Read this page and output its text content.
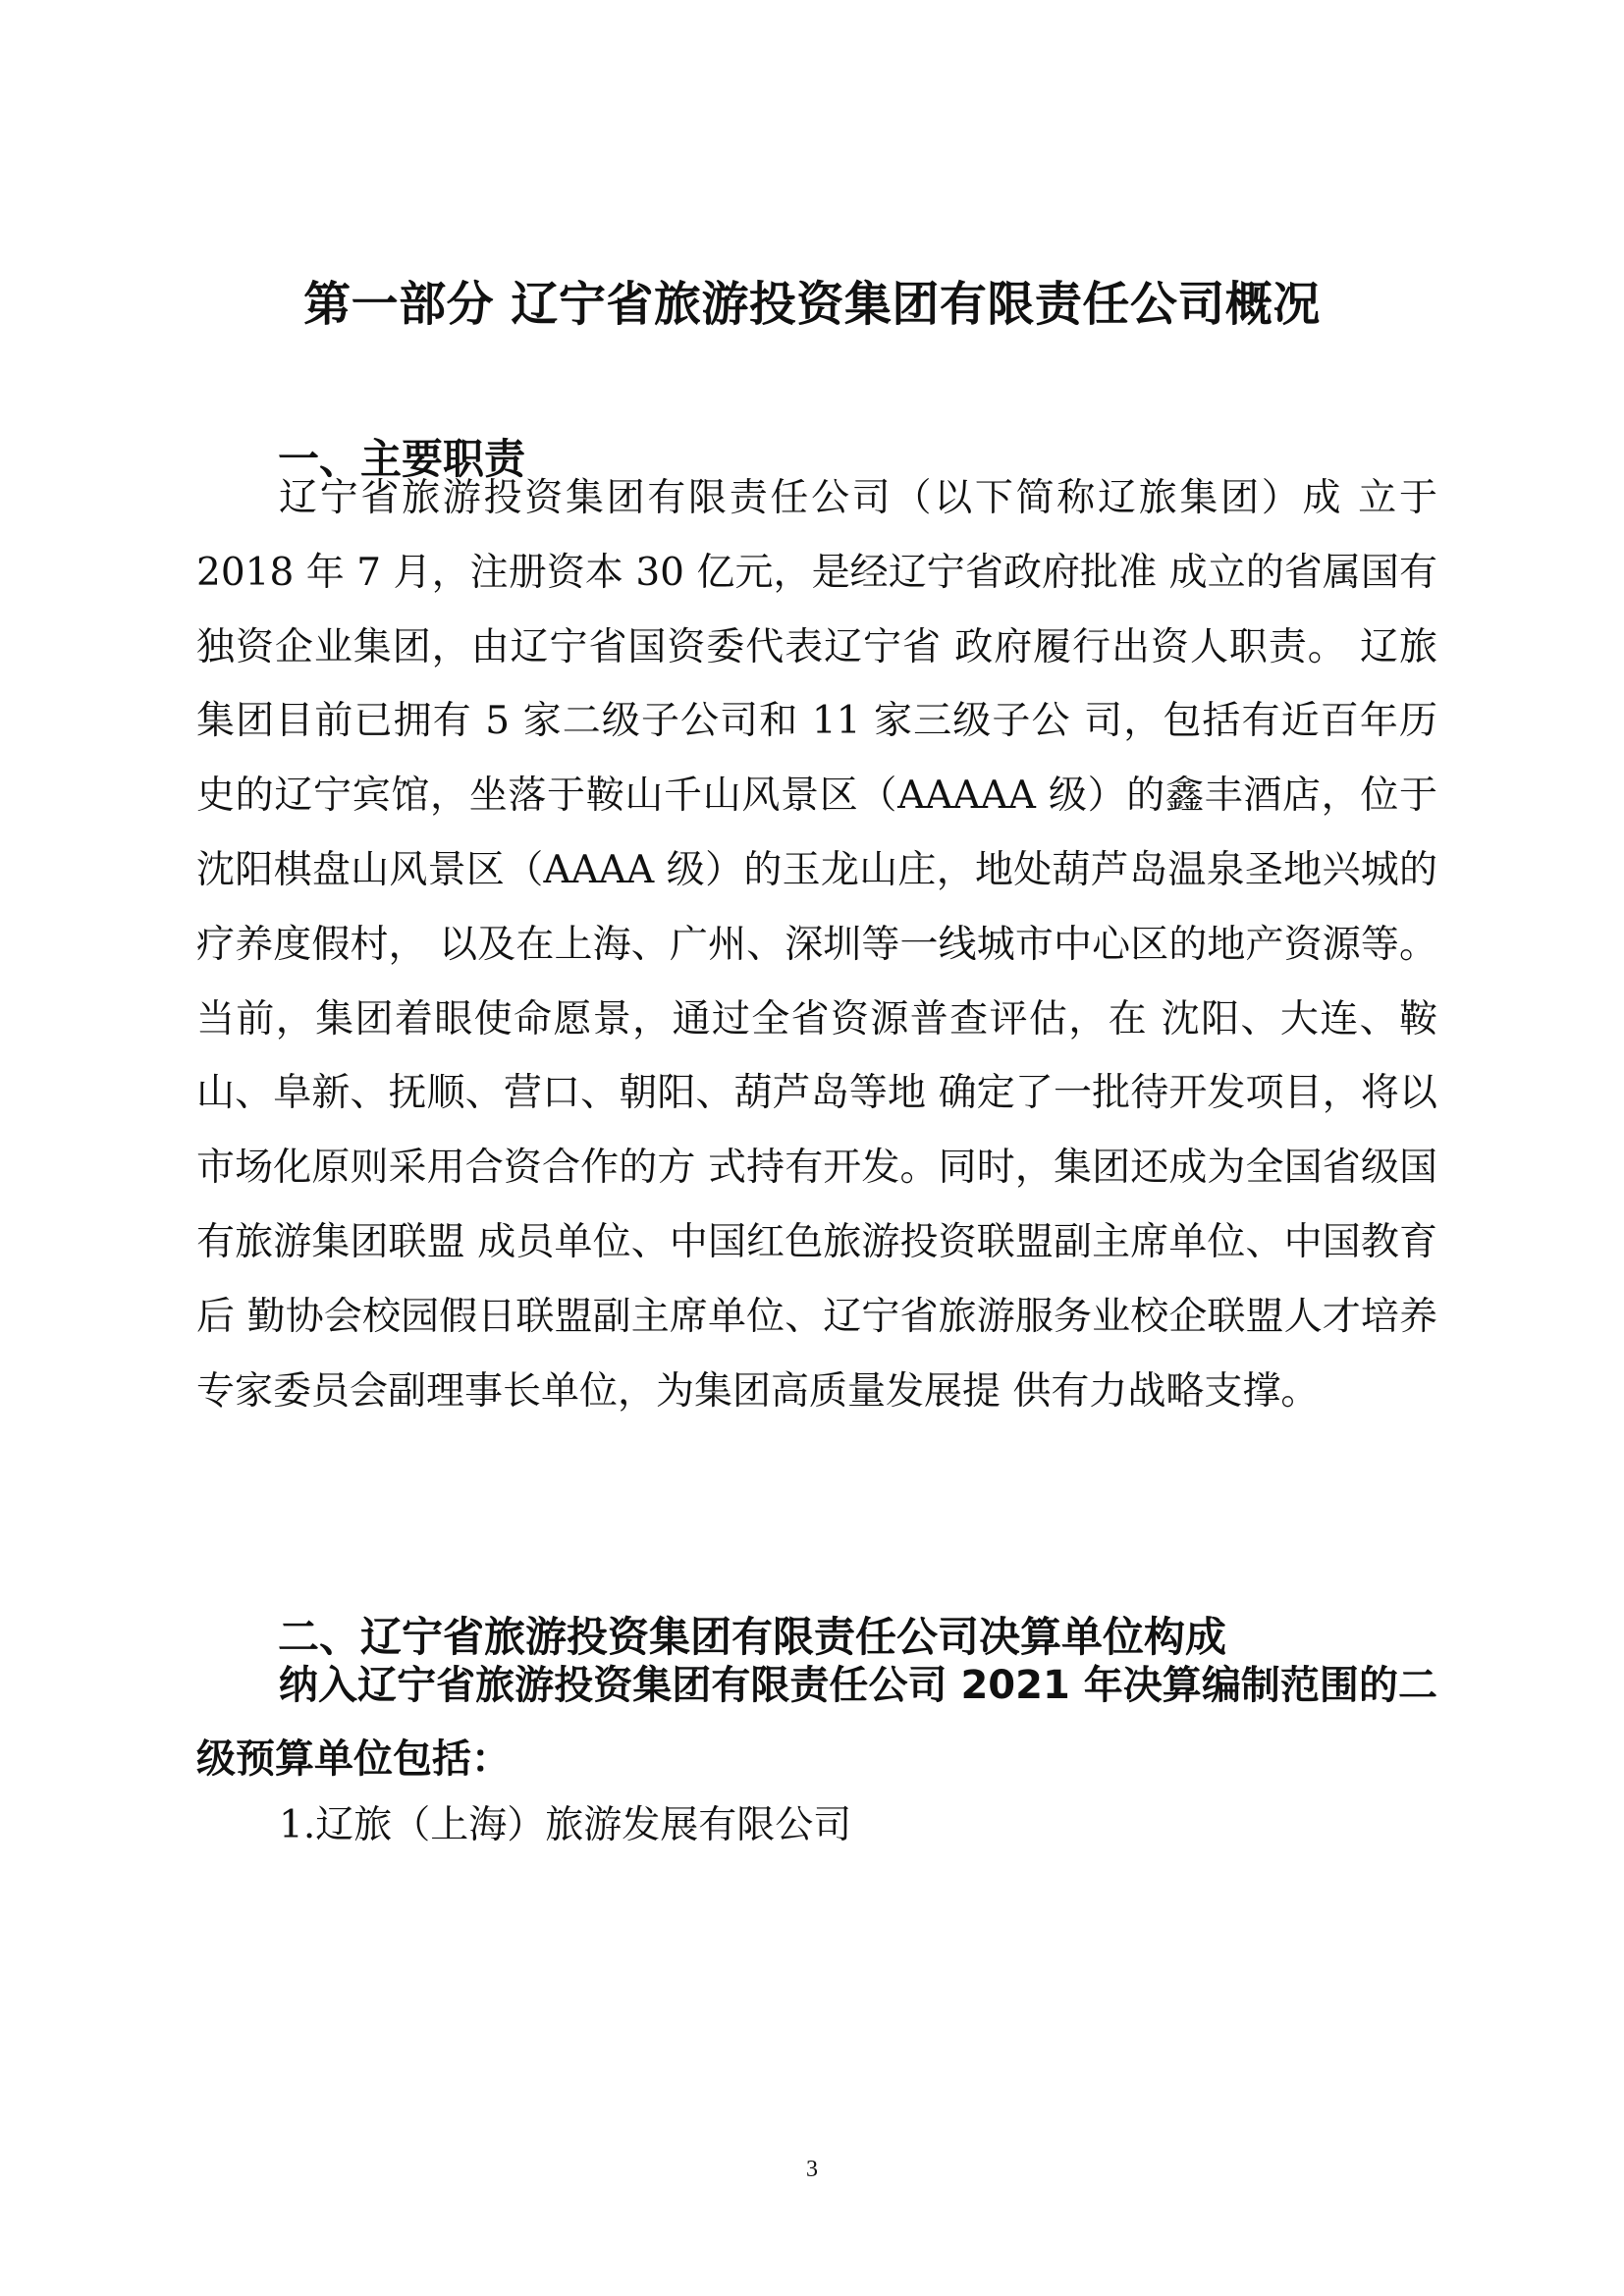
第一部分 辽宁省旅游投资集团有限责任公司概况
一、主要职责

辽宁省旅游投资集团有限责任公司（以下简称辽旅集团）成 立于 2018 年 7 月，注册资本 30 亿元，是经辽宁省政府批准 成立的省属国有独资企业集团，由辽宁省国资委代表辽宁省 政府履行出资人职责。 辽旅集团目前已拥有 5 家二级子公司和 11 家三级子公 司，包括有近百年历史的辽宁宾馆，坐落于鞍山千山风景区（AAAAA 级）的鑫丰酒店，位于沈阳棋盘山风景区（AAAA 级）的玉龙山庄，地处葫芦岛温泉圣地兴城的疗养度假村， 以及在上海、广州、深圳等一线城市中心区的地产资源等。 当前，集团着眼使命愿景，通过全省资源普查评估，在 沈阳、大连、鞍山、阜新、抚顺、营口、朝阳、葫芦岛等地 确定了一批待开发项目，将以市场化原则采用合资合作的方 式持有开发。同时，集团还成为全国省级国有旅游集团联盟 成员单位、中国红色旅游投资联盟副主席单位、中国教育后 勤协会校园假日联盟副主席单位、辽宁省旅游服务业校企联盟人才培养专家委员会副理事长单位，为集团高质量发展提 供有力战略支撑。

二、辽宁省旅游投资集团有限责任公司决算单位构成

纳入辽宁省旅游投资集团有限责任公司 2021 年决算编制范围的二级预算单位包括：

1.辽旅（上海）旅游发展有限公司
3
